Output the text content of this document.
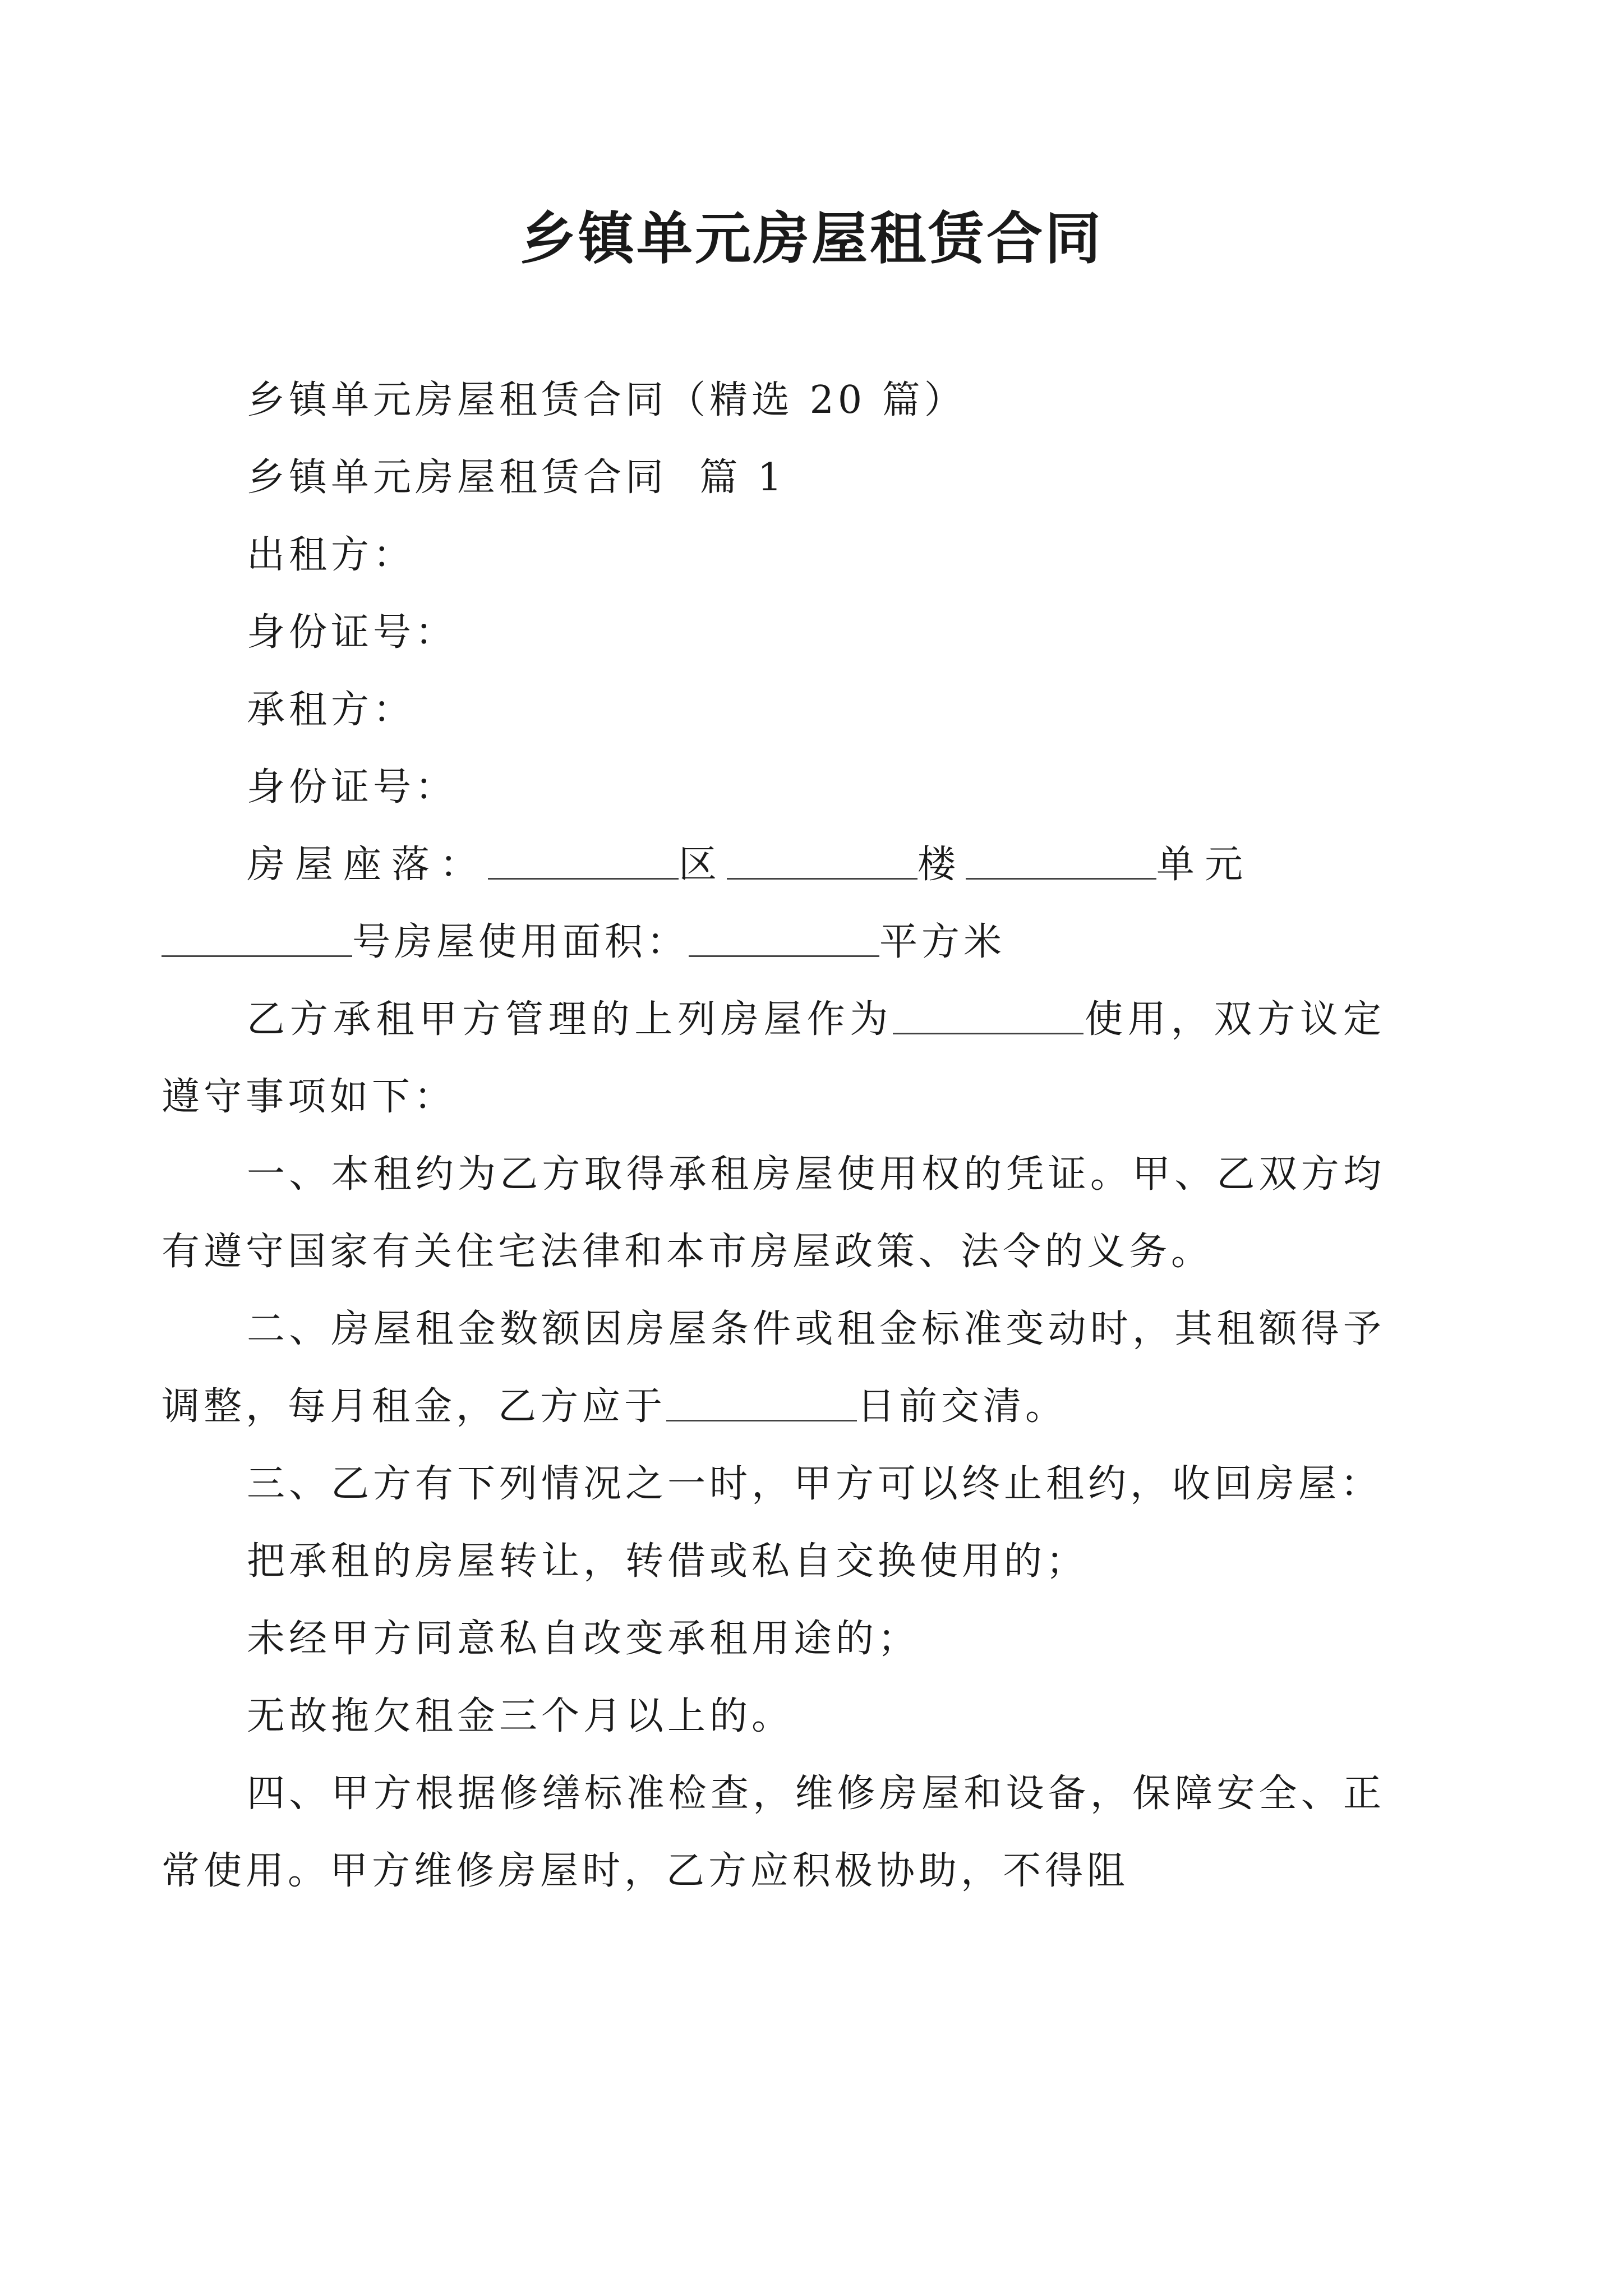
乡镇单元房屋租赁合同

乡镇单元房屋租赁合同（精选 20 篇）

乡镇单元房屋租赁合同  篇 1

出租方：

身份证号：

承租方：

身份证号：

房屋座落：	区	楼	单元

号房屋使用面积：	平方米

乙方承租甲方管理的上列房屋作为	使用，双方议定遵守事项如下：

一、本租约为乙方取得承租房屋使用权的凭证。甲、乙双方均有遵守国家有关住宅法律和本市房屋政策、法令的义务。

二、房屋租金数额因房屋条件或租金标准变动时，其租额得予调整，每月租金，乙方应于	日前交清。

三、乙方有下列情况之一时，甲方可以终止租约，收回房屋：

把承租的房屋转让，转借或私自交换使用的；

未经甲方同意私自改变承租用途的；

无故拖欠租金三个月以上的。

四、甲方根据修缮标准检查，维修房屋和设备，保障安全、正常使用。甲方维修房屋时，乙方应积极协助，不得阻
